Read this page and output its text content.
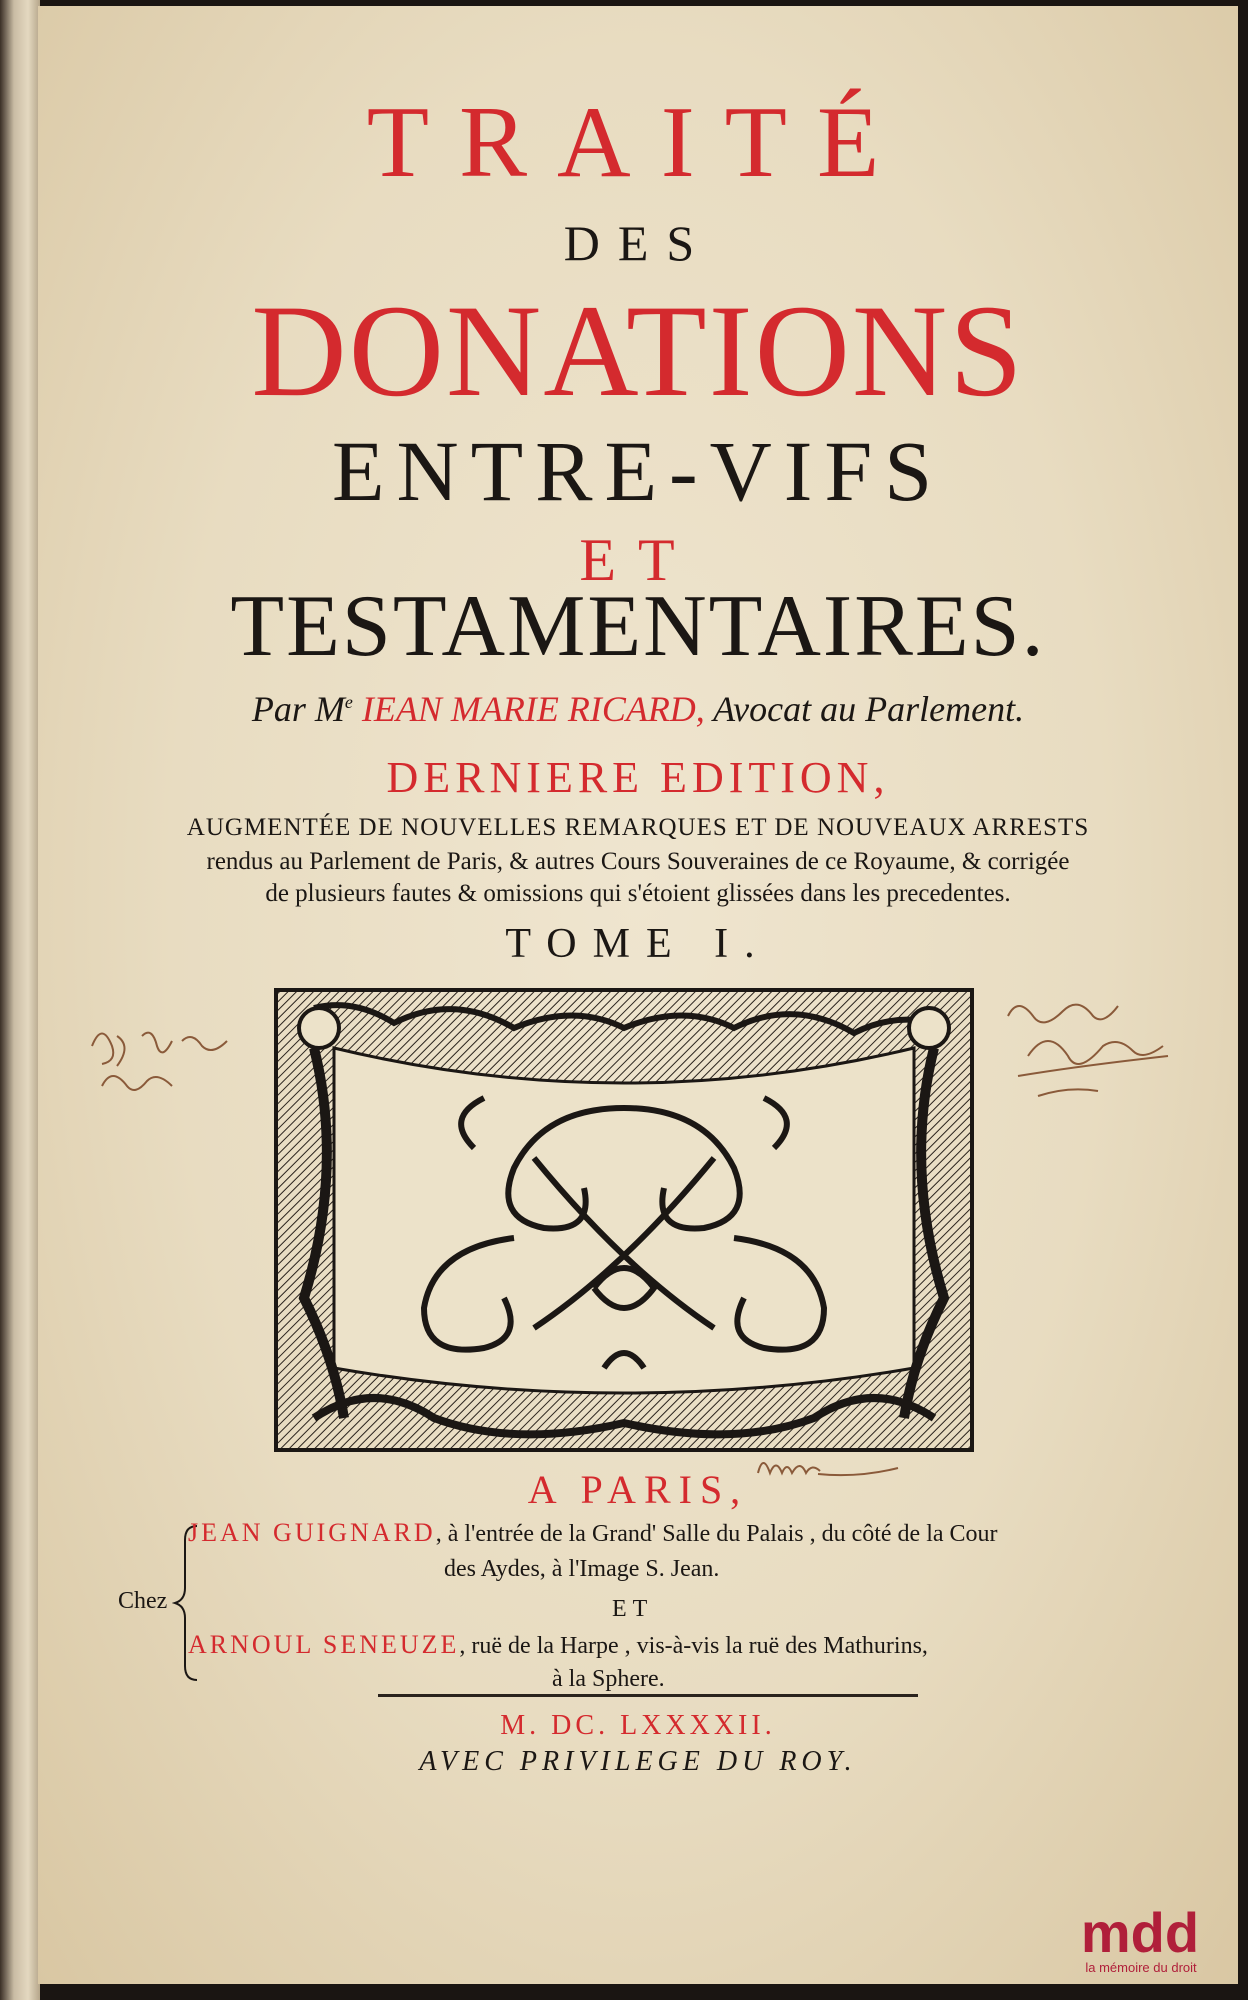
TRAITÉ
DES
DONATIONS
ENTRE-VIFS
ET
TESTAMENTAIRES.
Par Me IEAN MARIE RICARD, Avocat au Parlement.
DERNIERE EDITION,
AUGMENTÉE DE NOUVELLES REMARQUES ET DE NOUVEAUX ARRESTS
rendus au Parlement de Paris, & autres Cours Souveraines de ce Royaume, & corrigée
de plusieurs fautes & omissions qui s'étoient glissées dans les precedentes.
TOME I.
A PARIS,
Chez
JEAN GUIGNARD, à l'entrée de la Grand' Salle du Palais , du côté de la Cour
des Aydes, à l'Image S. Jean.
ET
ARNOUL SENEUZE, ruë de la Harpe , vis-à-vis la ruë des Mathurins,
à la Sphere.
M. DC. LXXXXII.
AVEC PRIVILEGE DU ROY.
mdd
la mémoire du droit
